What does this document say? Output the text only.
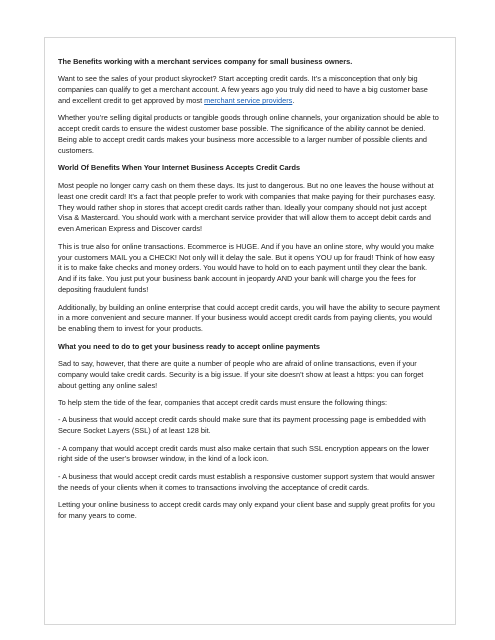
The Benefits working with a merchant services company for small business owners.

Want to see the sales of your product skyrocket? Start accepting credit cards. It’s a misconception that only big companies can qualify to get a merchant account. A few years ago you truly did need to have a big customer base and excellent credit to get approved by most merchant service providers.

Whether you’re selling digital products or tangible goods through online channels, your organization should be able to accept credit cards to ensure the widest customer base possible. The significance of the ability cannot be denied. Being able to accept credit cards makes your business more accessible to a larger number of possible clients and customers.

World Of Benefits When Your Internet Business Accepts Credit Cards

Most people no longer carry cash on them these days. Its just to dangerous. But no one leaves the house without at least one credit card! It’s a fact that people prefer to work with companies that make paying for their purchases easy. They would rather shop in stores that accept credit cards rather than. Ideally your company should not just accept Visa & Mastercard. You should work with a merchant service provider that will allow them to accept debit cards and even American Express and Discover cards!

This is true also for online transactions. Ecommerce is HUGE. And if you have an online store, why would you make your customers MAIL you a CHECK! Not only will it delay the sale. But it opens YOU up for fraud! Think of how easy it is to make fake checks and money orders. You would have to hold on to each payment until they clear the bank. And if its fake. You just put your business bank account in jeopardy AND your bank will charge you the fees for depositing fraudulent funds!

Additionally, by building an online enterprise that could accept credit cards, you will have the ability to secure payment in a more convenient and secure manner. If your business would accept credit cards from paying clients, you would be enabling them to invest for your products.

What you need to do to get your business ready to accept online payments

Sad to say, however, that there are quite a number of people who are afraid of online transactions, even if your company would take credit cards. Security is a big issue. If your site doesn’t show at least a https: you can forget about getting any online sales!

To help stem the tide of the fear, companies that accept credit cards must ensure the following things:

- A business that would accept credit cards should make sure that its payment processing page is embedded with Secure Socket Layers (SSL) of at least 128 bit.

- A company that would accept credit cards must also make certain that such SSL encryption appears on the lower right side of the user’s browser window, in the kind of a lock icon.

- A business that would accept credit cards must establish a responsive customer support system that would answer the needs of your clients when it comes to transactions involving the acceptance of credit cards.

Letting your online business to accept credit cards may only expand your client base and supply great profits for you for many years to come.
